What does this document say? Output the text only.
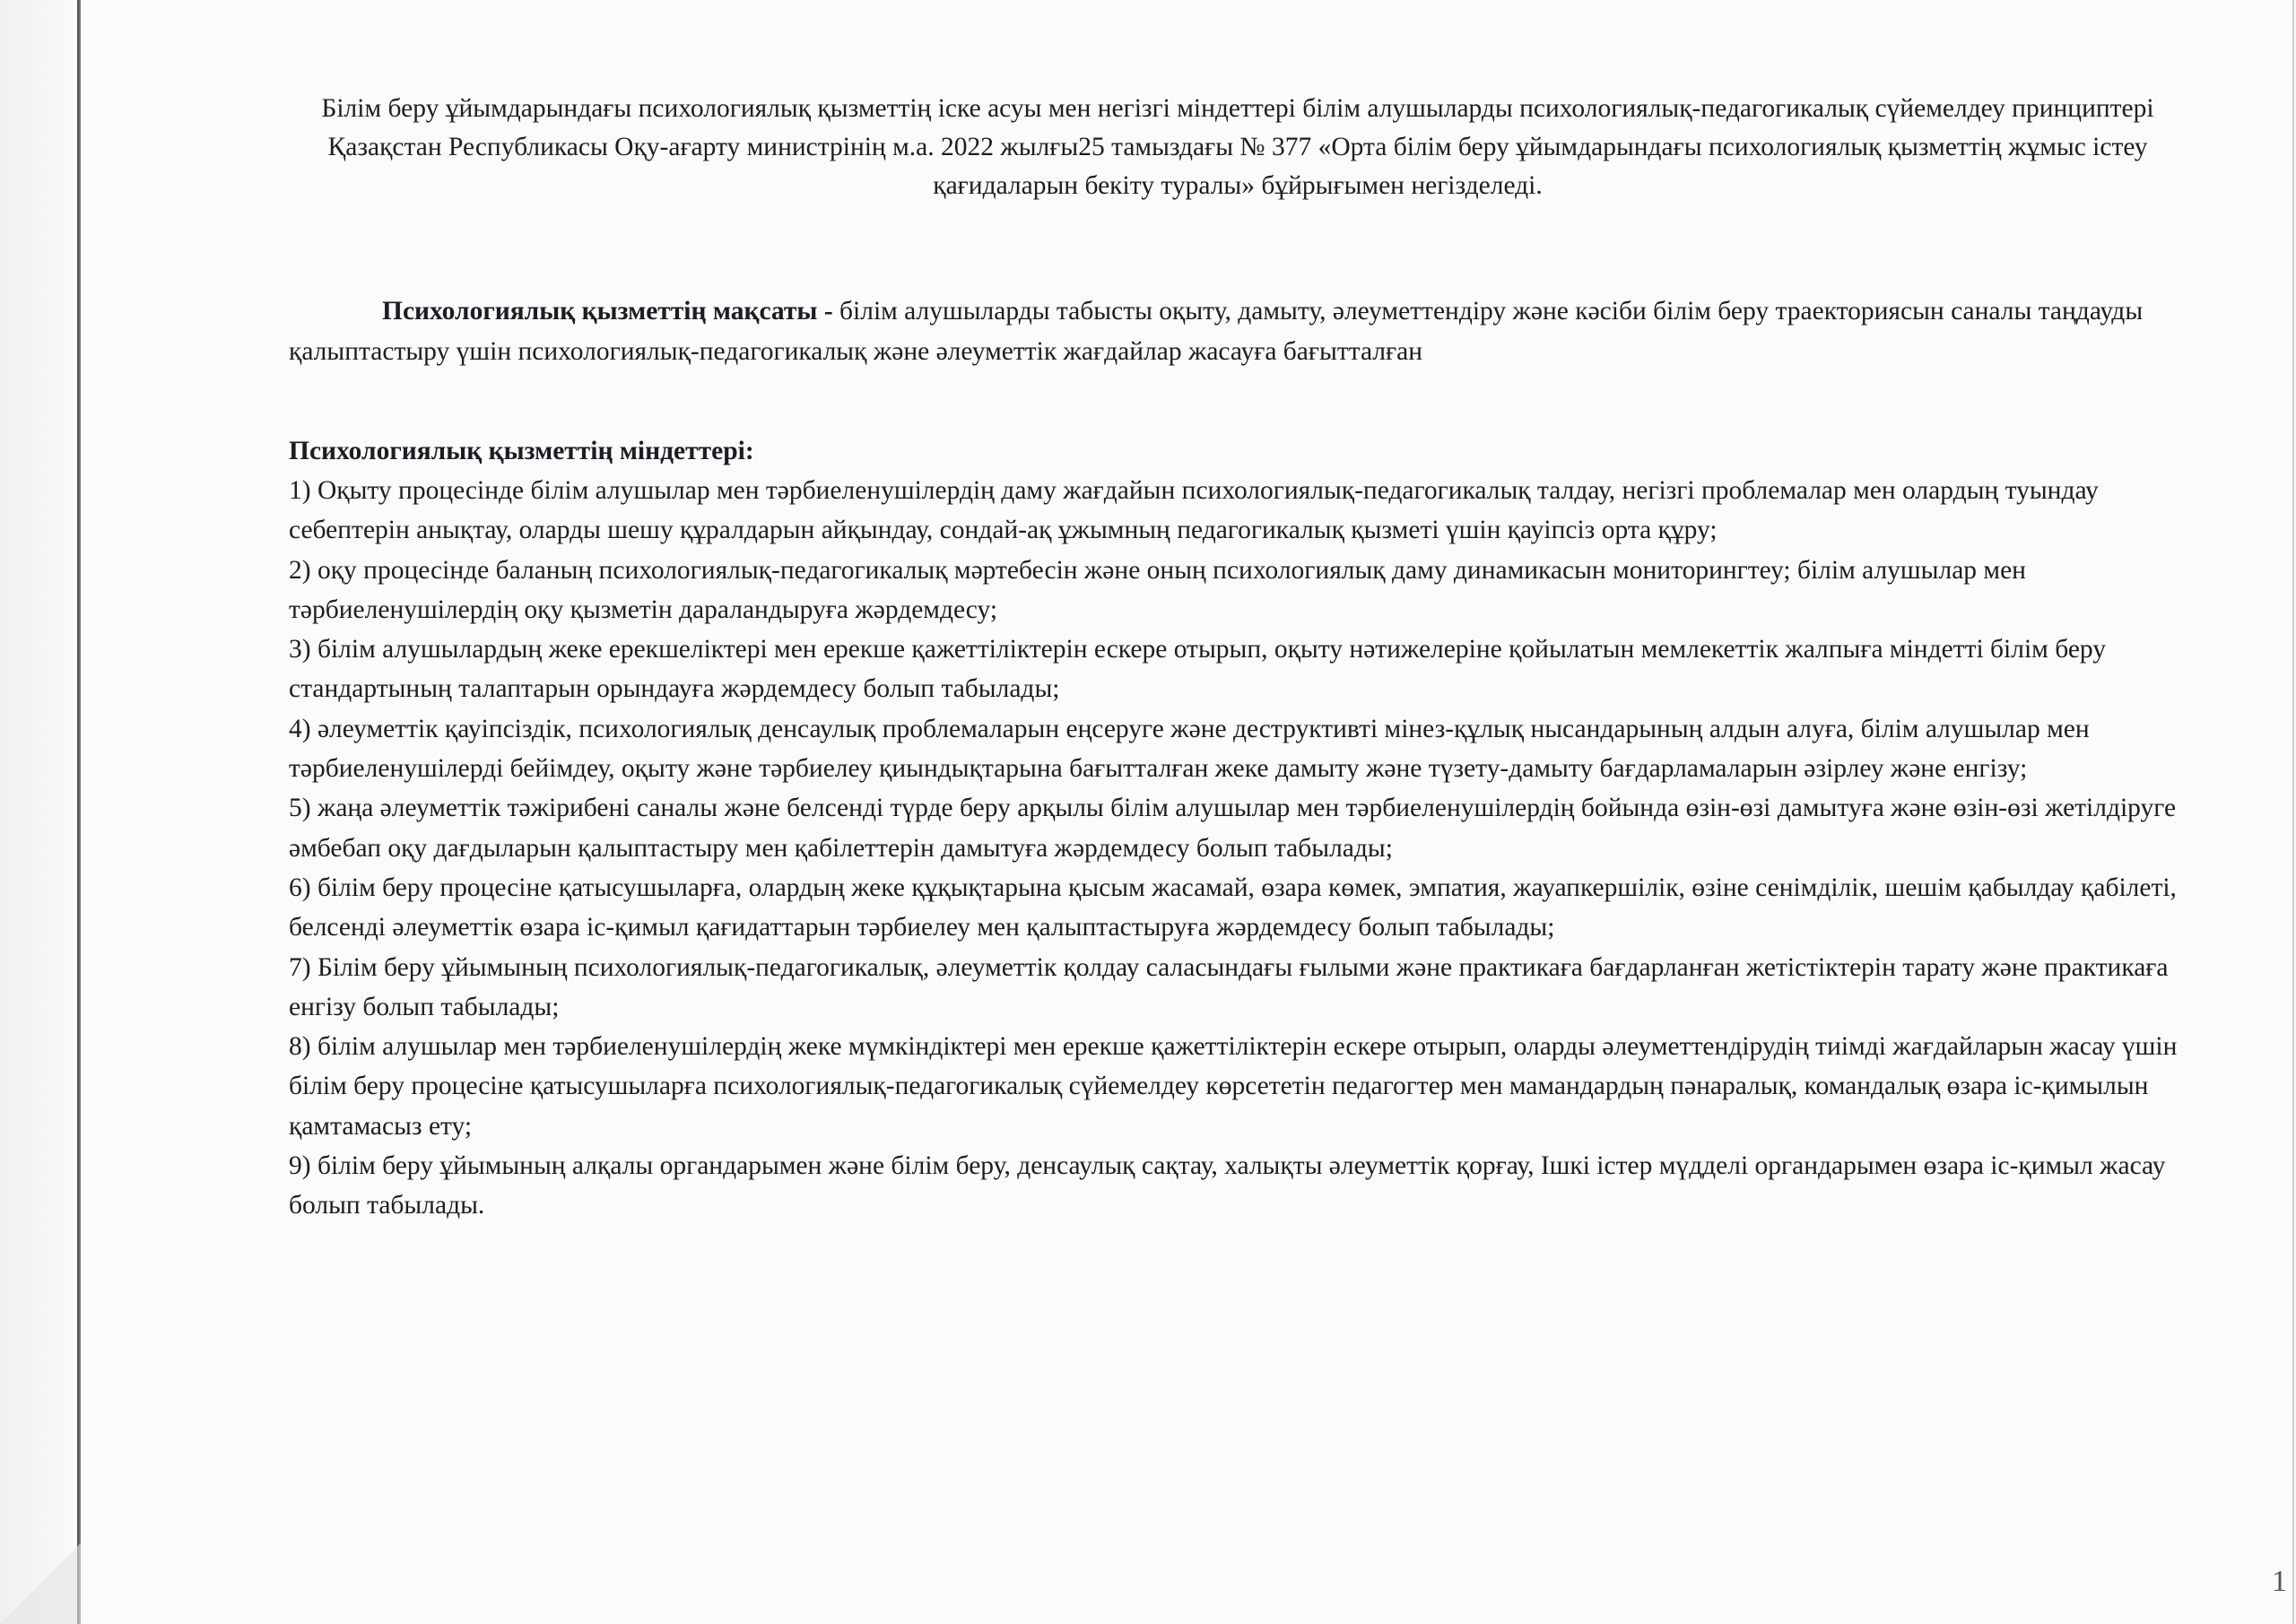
Білім беру ұйымдарындағы психологиялық қызметтің іске асуы мен негізгі міндеттері білім алушыларды психологиялық-педагогикалық сүйемелдеу принциптері Қазақстан Республикасы Оқу-ағарту министрінің м.а. 2022 жылғы25 тамыздағы № 377 «Орта білім беру ұйымдарындағы психологиялық қызметтің жұмыс істеу қағидаларын бекіту туралы» бұйрығымен негізделеді.

Психологиялық қызметтің мақсаты - білім алушыларды табысты оқыту, дамыту, әлеуметтендіру және кәсіби білім беру траекториясын саналы таңдауды қалыптастыру үшін психологиялық-педагогикалық және әлеуметтік жағдайлар жасауға бағытталған

Психологиялық қызметтің міндеттері:

1) Оқыту процесінде білім алушылар мен тәрбиеленушілердің даму жағдайын психологиялық-педагогикалық талдау, негізгі проблемалар мен олардың туындау себептерін анықтау, оларды шешу құралдарын айқындау, сондай-ақ ұжымның педагогикалық қызметі үшін қауіпсіз орта құру;
2) оқу процесінде баланың психологиялық-педагогикалық мәртебесін және оның психологиялық даму динамикасын мониторингтеу; білім алушылар мен тәрбиеленушілердің оқу қызметін дараландыруға жәрдемдесу;
3) білім алушылардың жеке ерекшеліктері мен ерекше қажеттіліктерін ескере отырып, оқыту нәтижелеріне қойылатын мемлекеттік жалпыға міндетті білім беру стандартының талаптарын орындауға жәрдемдесу болып табылады;
4) әлеуметтік қауіпсіздік, психологиялық денсаулық проблемаларын еңсеруге және деструктивті мінез-құлық нысандарының алдын алуға, білім алушылар мен тәрбиеленушілерді бейімдеу, оқыту және тәрбиелеу қиындықтарына бағытталған жеке дамыту және түзету-дамыту бағдарламаларын әзірлеу және енгізу;
5) жаңа әлеуметтік тәжірибені саналы және белсенді түрде беру арқылы білім алушылар мен тәрбиеленушілердің бойында өзін-өзі дамытуға және өзін-өзі жетілдіруге әмбебап оқу дағдыларын қалыптастыру мен қабілеттерін дамытуға жәрдемдесу болып табылады;
6) білім беру процесіне қатысушыларға, олардың жеке құқықтарына қысым жасамай, өзара көмек, эмпатия, жауапкершілік, өзіне сенімділік, шешім қабылдау қабілеті, белсенді әлеуметтік өзара іс-қимыл қағидаттарын тәрбиелеу мен қалыптастыруға жәрдемдесу болып табылады;
7) Білім беру ұйымының психологиялық-педагогикалық, әлеуметтік қолдау саласындағы ғылыми және практикаға бағдарланған жетістіктерін тарату және практикаға енгізу болып табылады;
8) білім алушылар мен тәрбиеленушілердің жеке мүмкіндіктері мен ерекше қажеттіліктерін ескере отырып, оларды әлеуметтендірудің тиімді жағдайларын жасау үшін білім беру процесіне қатысушыларға психологиялық-педагогикалық сүйемелдеу көрсететін педагогтер мен мамандардың пәнаралық, командалық өзара іс-қимылын қамтамасыз ету;
9) білім беру ұйымының алқалы органдарымен және білім беру, денсаулық сақтау, халықты әлеуметтік қорғау, Ішкі істер мүдделі органдарымен өзара іс-қимыл жасау болып табылады.
1
